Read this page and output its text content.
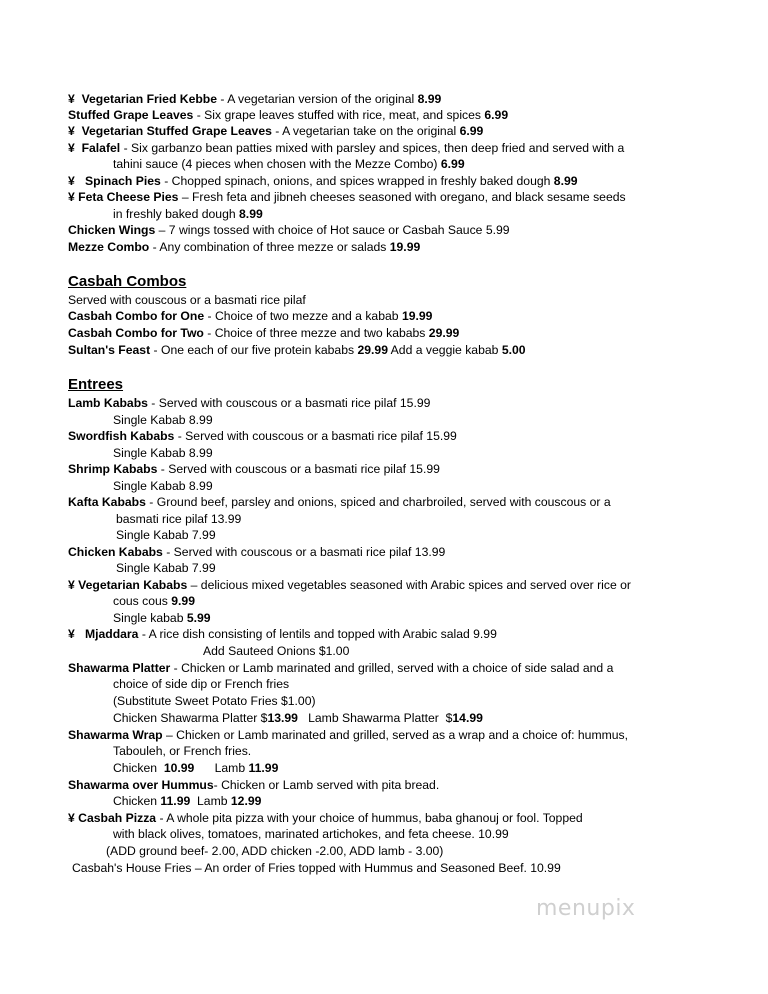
¥ Vegetarian Fried Kebbe - A vegetarian version of the original 8.99
Stuffed Grape Leaves - Six grape leaves stuffed with rice, meat, and spices 6.99
¥ Vegetarian Stuffed Grape Leaves - A vegetarian take on the original 6.99
¥ Falafel - Six garbanzo bean patties mixed with parsley and spices, then deep fried and served with a
tahini sauce (4 pieces when chosen with the Mezze Combo) 6.99
¥ Spinach Pies - Chopped spinach, onions, and spices wrapped in freshly baked dough 8.99
¥ Feta Cheese Pies – Fresh feta and jibneh cheeses seasoned with oregano, and black sesame seeds
in freshly baked dough 8.99
Chicken Wings – 7 wings tossed with choice of Hot sauce or Casbah Sauce 5.99
Mezze Combo - Any combination of three mezze or salads 19.99
Casbah Combos
Served with couscous or a basmati rice pilaf
Casbah Combo for One - Choice of two mezze and a kabab 19.99
Casbah Combo for Two - Choice of three mezze and two kababs 29.99
Sultan's Feast - One each of our five protein kababs 29.99 Add a veggie kabab 5.00
Entrees
Lamb Kababs - Served with couscous or a basmati rice pilaf 15.99
Single Kabab 8.99
Swordfish Kababs - Served with couscous or a basmati rice pilaf 15.99
Single Kabab 8.99
Shrimp Kababs - Served with couscous or a basmati rice pilaf 15.99
Single Kabab 8.99
Kafta Kababs - Ground beef, parsley and onions, spiced and charbroiled, served with couscous or a
basmati rice pilaf 13.99
Single Kabab 7.99
Chicken Kababs - Served with couscous or a basmati rice pilaf 13.99
Single Kabab 7.99
¥ Vegetarian Kababs – delicious mixed vegetables seasoned with Arabic spices and served over rice or
cous cous 9.99
Single kabab 5.99
¥ Mjaddara - A rice dish consisting of lentils and topped with Arabic salad 9.99
Add Sauteed Onions $1.00
Shawarma Platter - Chicken or Lamb marinated and grilled, served with a choice of side salad and a
choice of side dip or French fries
(Substitute Sweet Potato Fries $1.00)
Chicken Shawarma Platter $13.99   Lamb Shawarma Platter  $14.99
Shawarma Wrap – Chicken or Lamb marinated and grilled, served as a wrap and a choice of: hummus,
Tabouleh, or French fries.
Chicken  10.99      Lamb 11.99
Shawarma over Hummus- Chicken or Lamb served with pita bread.
Chicken 11.99  Lamb 12.99
¥ Casbah Pizza - A whole pita pizza with your choice of hummus, baba ghanouj or fool. Topped
with black olives, tomatoes, marinated artichokes, and feta cheese. 10.99
(ADD ground beef- 2.00, ADD chicken -2.00, ADD lamb - 3.00)
Casbah's House Fries – An order of Fries topped with Hummus and Seasoned Beef. 10.99
menupix
